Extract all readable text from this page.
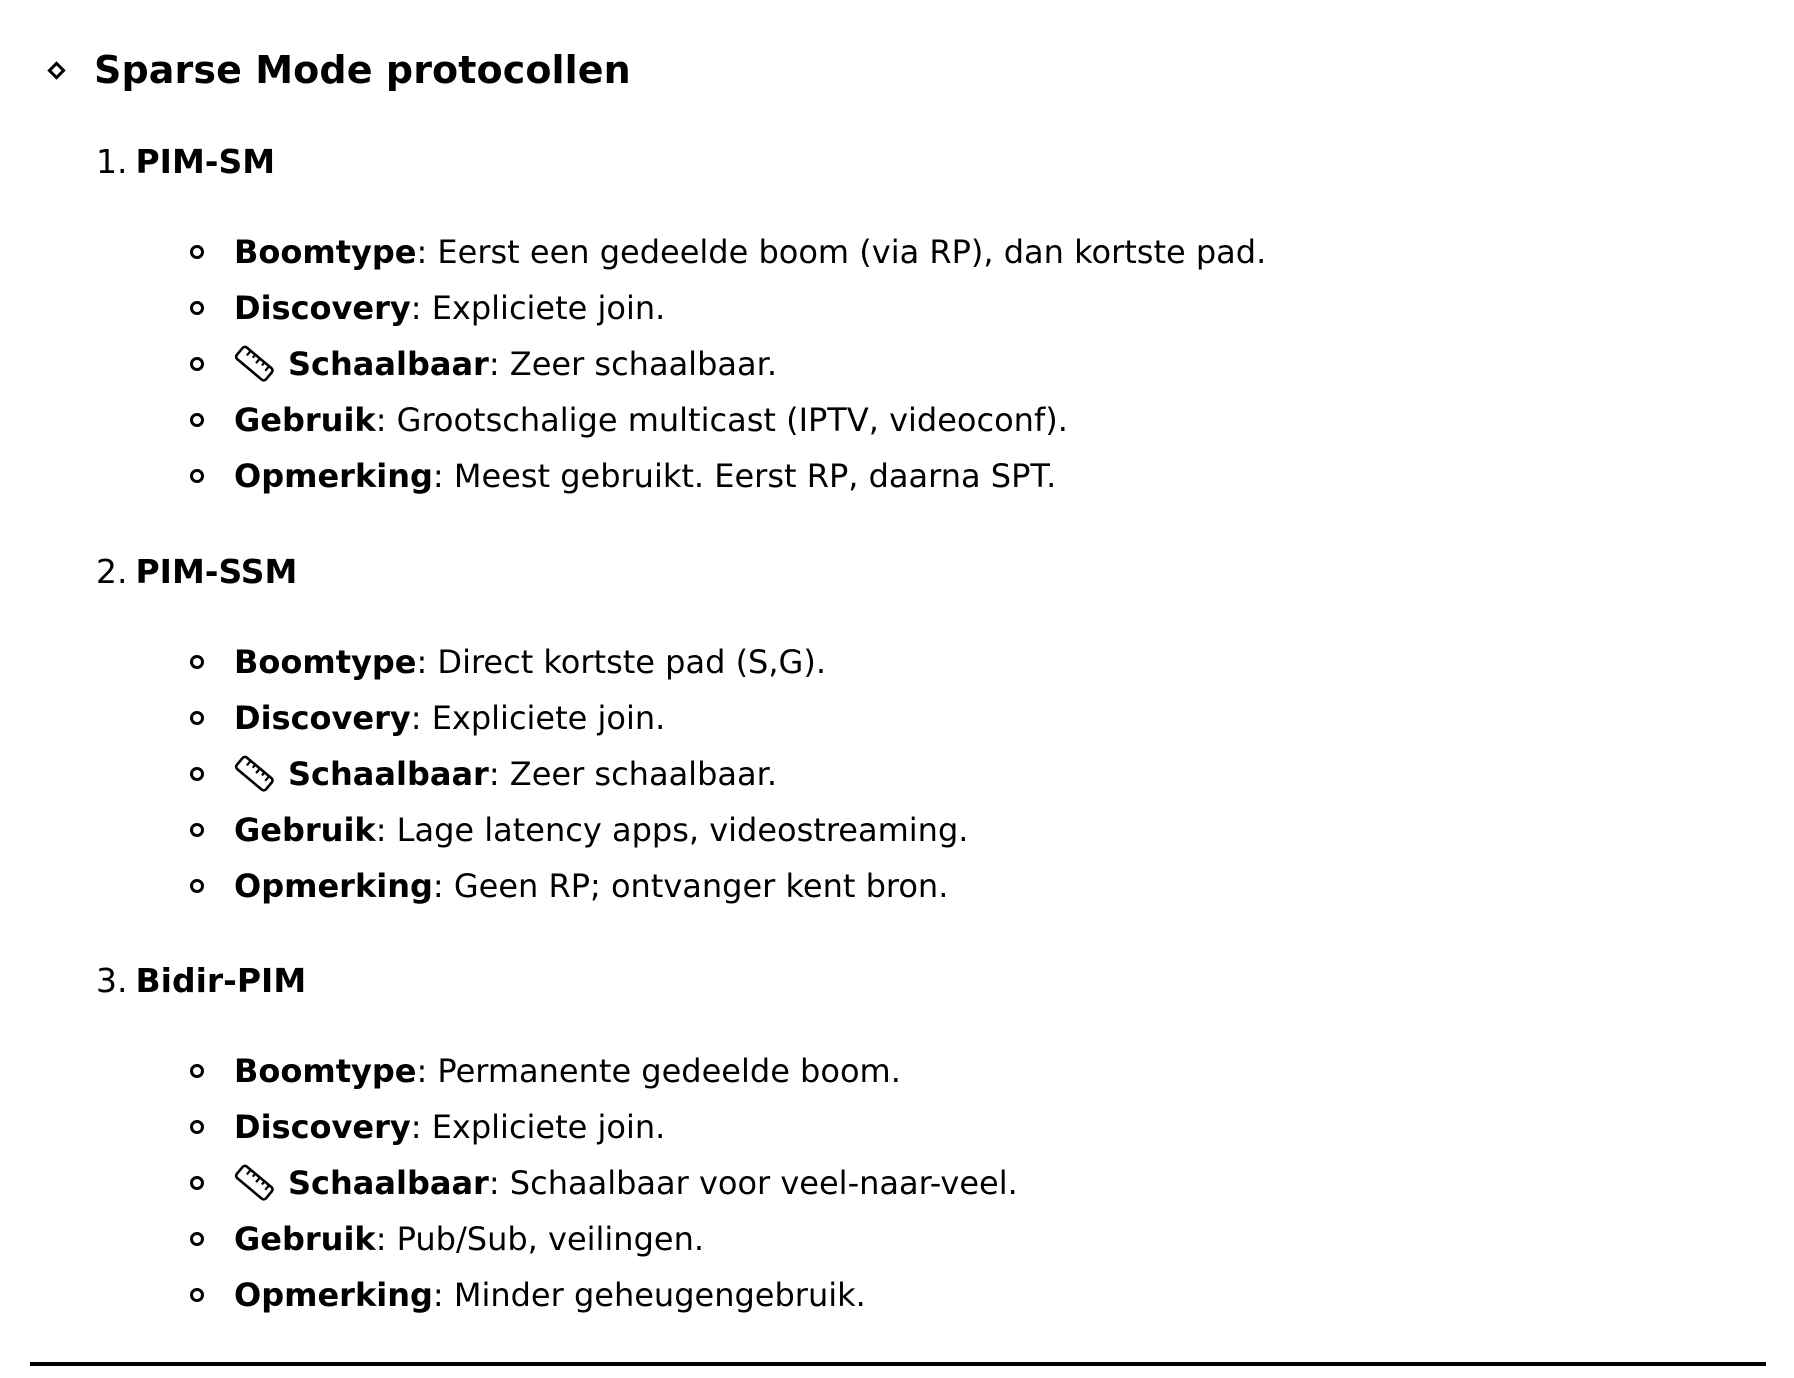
Sparse Mode protocollen
1. PIM-SM
Boomtype : Eerst een gedeelde boom (via RP), dan kortste pad.
Discovery : Expliciete join.
Schaalbaar : Zeer schaalbaar.
Gebruik : Grootschalige multicast (IPTV, videoconf).
Opmerking : Meest gebruikt. Eerst RP, daarna SPT.
2. PIM-SSM
Boomtype : Direct kortste pad (S,G).
Discovery : Expliciete join.
Schaalbaar : Zeer schaalbaar.
Gebruik : Lage latency apps, videostreaming.
Opmerking : Geen RP; ontvanger kent bron.
3. Bidir-PIM
Boomtype : Permanente gedeelde boom.
Discovery : Expliciete join.
Schaalbaar : Schaalbaar voor veel-naar-veel.
Gebruik : Pub/Sub, veilingen.
Opmerking : Minder geheugengebruik.
